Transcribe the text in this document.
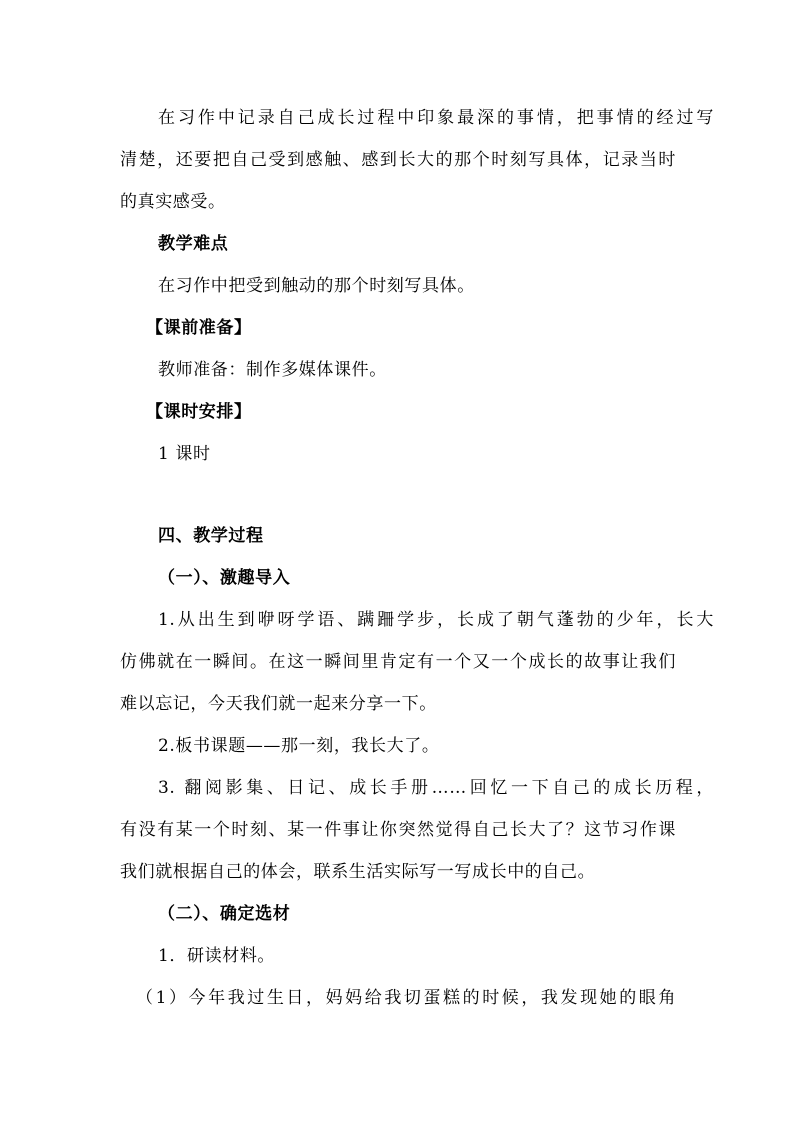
在习作中记录自己成长过程中印象最深的事情，把事情的经过写
清楚，还要把自己受到感触、感到长大的那个时刻写具体，记录当时
的真实感受。
教学难点
在习作中把受到触动的那个时刻写具体。
【课前准备】
教师准备：制作多媒体课件。
【课时安排】
1 课时
四、教学过程
（一）、激趣导入
1.从出生到咿呀学语、蹒跚学步，长成了朝气蓬勃的少年，长大
仿佛就在一瞬间。在这一瞬间里肯定有一个又一个成长的故事让我们
难以忘记，今天我们就一起来分享一下。
2.板书课题——那一刻，我长大了。
3. 翻阅影集、日记、成长手册……回忆一下自己的成长历程，
有没有某一个时刻、某一件事让你突然觉得自己长大了？这节习作课
我们就根据自己的体会，联系生活实际写一写成长中的自己。
（二）、确定选材
1．研读材料。
（1）今年我过生日，妈妈给我切蛋糕的时候，我发现她的眼角
